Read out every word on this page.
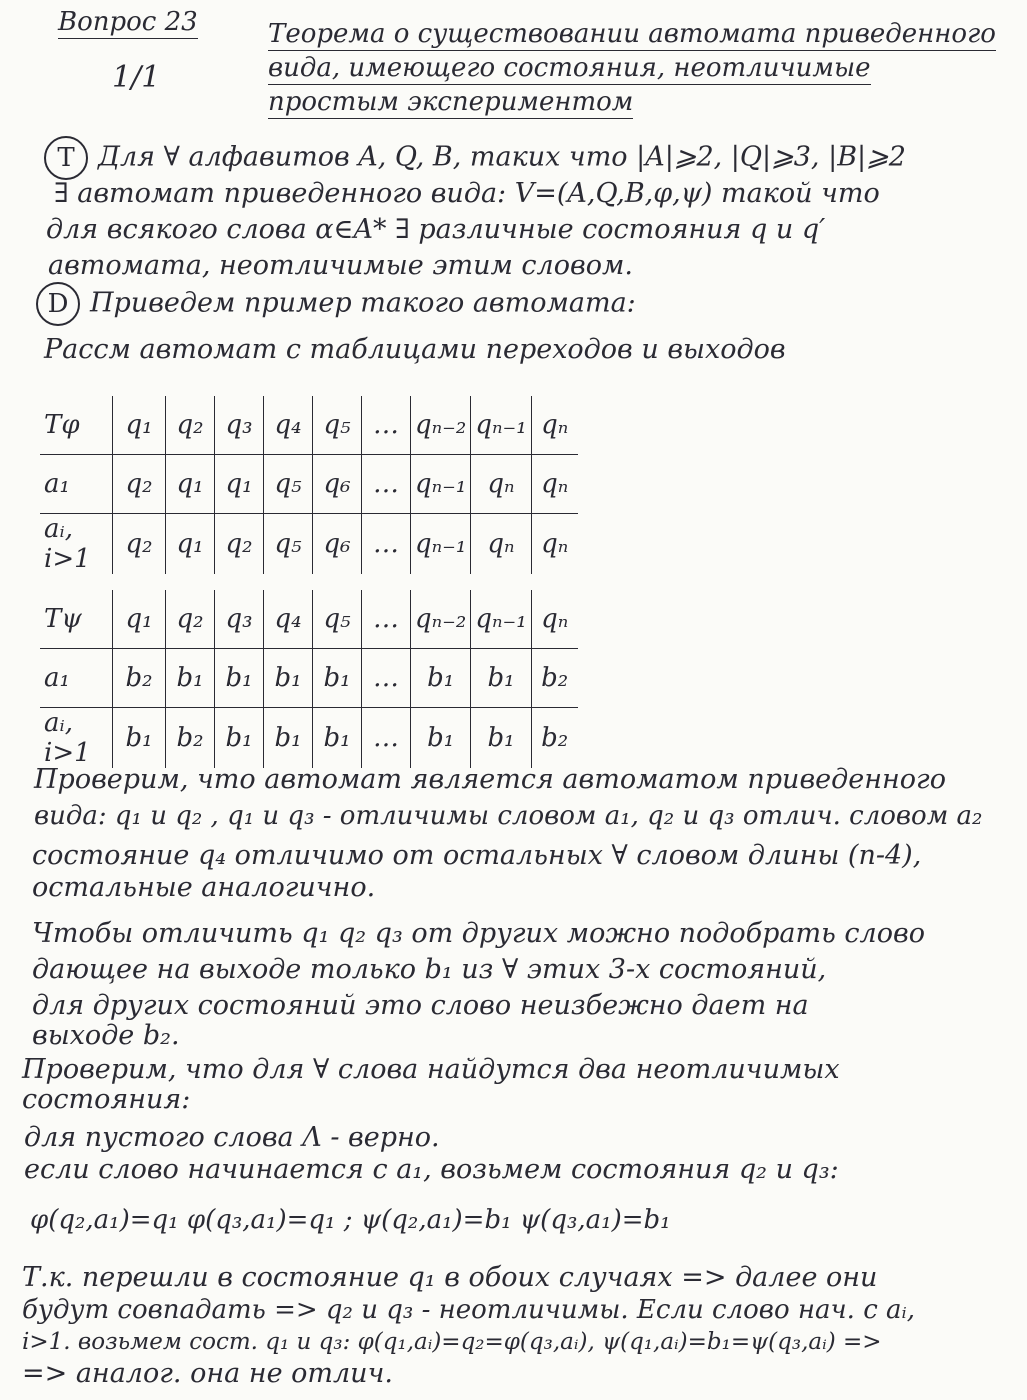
Вопрос 23
1/1
Теорема о существовании автомата приведенного
вида, имеющего состояния, неотличимые
простым экспериментом
T Для ∀ алфавитов A, Q, B, таких что |A|⩾2, |Q|⩾3, |B|⩾2
∃ автомат приведенного вида: V=(A,Q,B,φ,ψ) такой что
для всякого слова α∈A* ∃ различные состояния q и q′
автомата, неотличимые этим словом.
D Приведем пример такого автомата:
Рассм автомат с таблицами переходов и выходов
Tφ	q₁	q₂	q₃	q₄	q₅	…	qₙ₋₂	qₙ₋₁	qₙ
a₁	q₂	q₁	q₁	q₅	q₆	…	qₙ₋₁	qₙ	qₙ
aᵢ, i>1	q₂	q₁	q₂	q₅	q₆	…	qₙ₋₁	qₙ	qₙ
Tψ	q₁	q₂	q₃	q₄	q₅	…	qₙ₋₂	qₙ₋₁	qₙ
a₁	b₂	b₁	b₁	b₁	b₁	…	b₁	b₁	b₂
aᵢ, i>1	b₁	b₂	b₁	b₁	b₁	…	b₁	b₁	b₂
Проверим, что автомат является автоматом приведенного
вида: q₁ и q₂ , q₁ и q₃ - отличимы словом a₁, q₂ и q₃ отлич. словом a₂
состояние q₄ отличимо от остальных ∀ словом длины (n-4),
остальные аналогично.
Чтобы отличить q₁ q₂ q₃ от других можно подобрать слово
дающее на выходе только b₁ из ∀ этих 3-х состояний,
для других состояний это слово неизбежно дает на
выходе b₂.
Проверим, что для ∀ слова найдутся два неотличимых
состояния:
для пустого слова Λ - верно.
если слово начинается с a₁, возьмем состояния q₂ и q₃:
φ(q₂,a₁)=q₁ φ(q₃,a₁)=q₁ ; ψ(q₂,a₁)=b₁ ψ(q₃,a₁)=b₁
Т.к. перешли в состояние q₁ в обоих случаях => далее они
будут совпадать => q₂ и q₃ - неотличимы. Если слово нач. с aᵢ,
i>1. возьмем сост. q₁ и q₃: φ(q₁,aᵢ)=q₂=φ(q₃,aᵢ), ψ(q₁,aᵢ)=b₁=ψ(q₃,aᵢ) =>
=> аналог. она не отлич.
